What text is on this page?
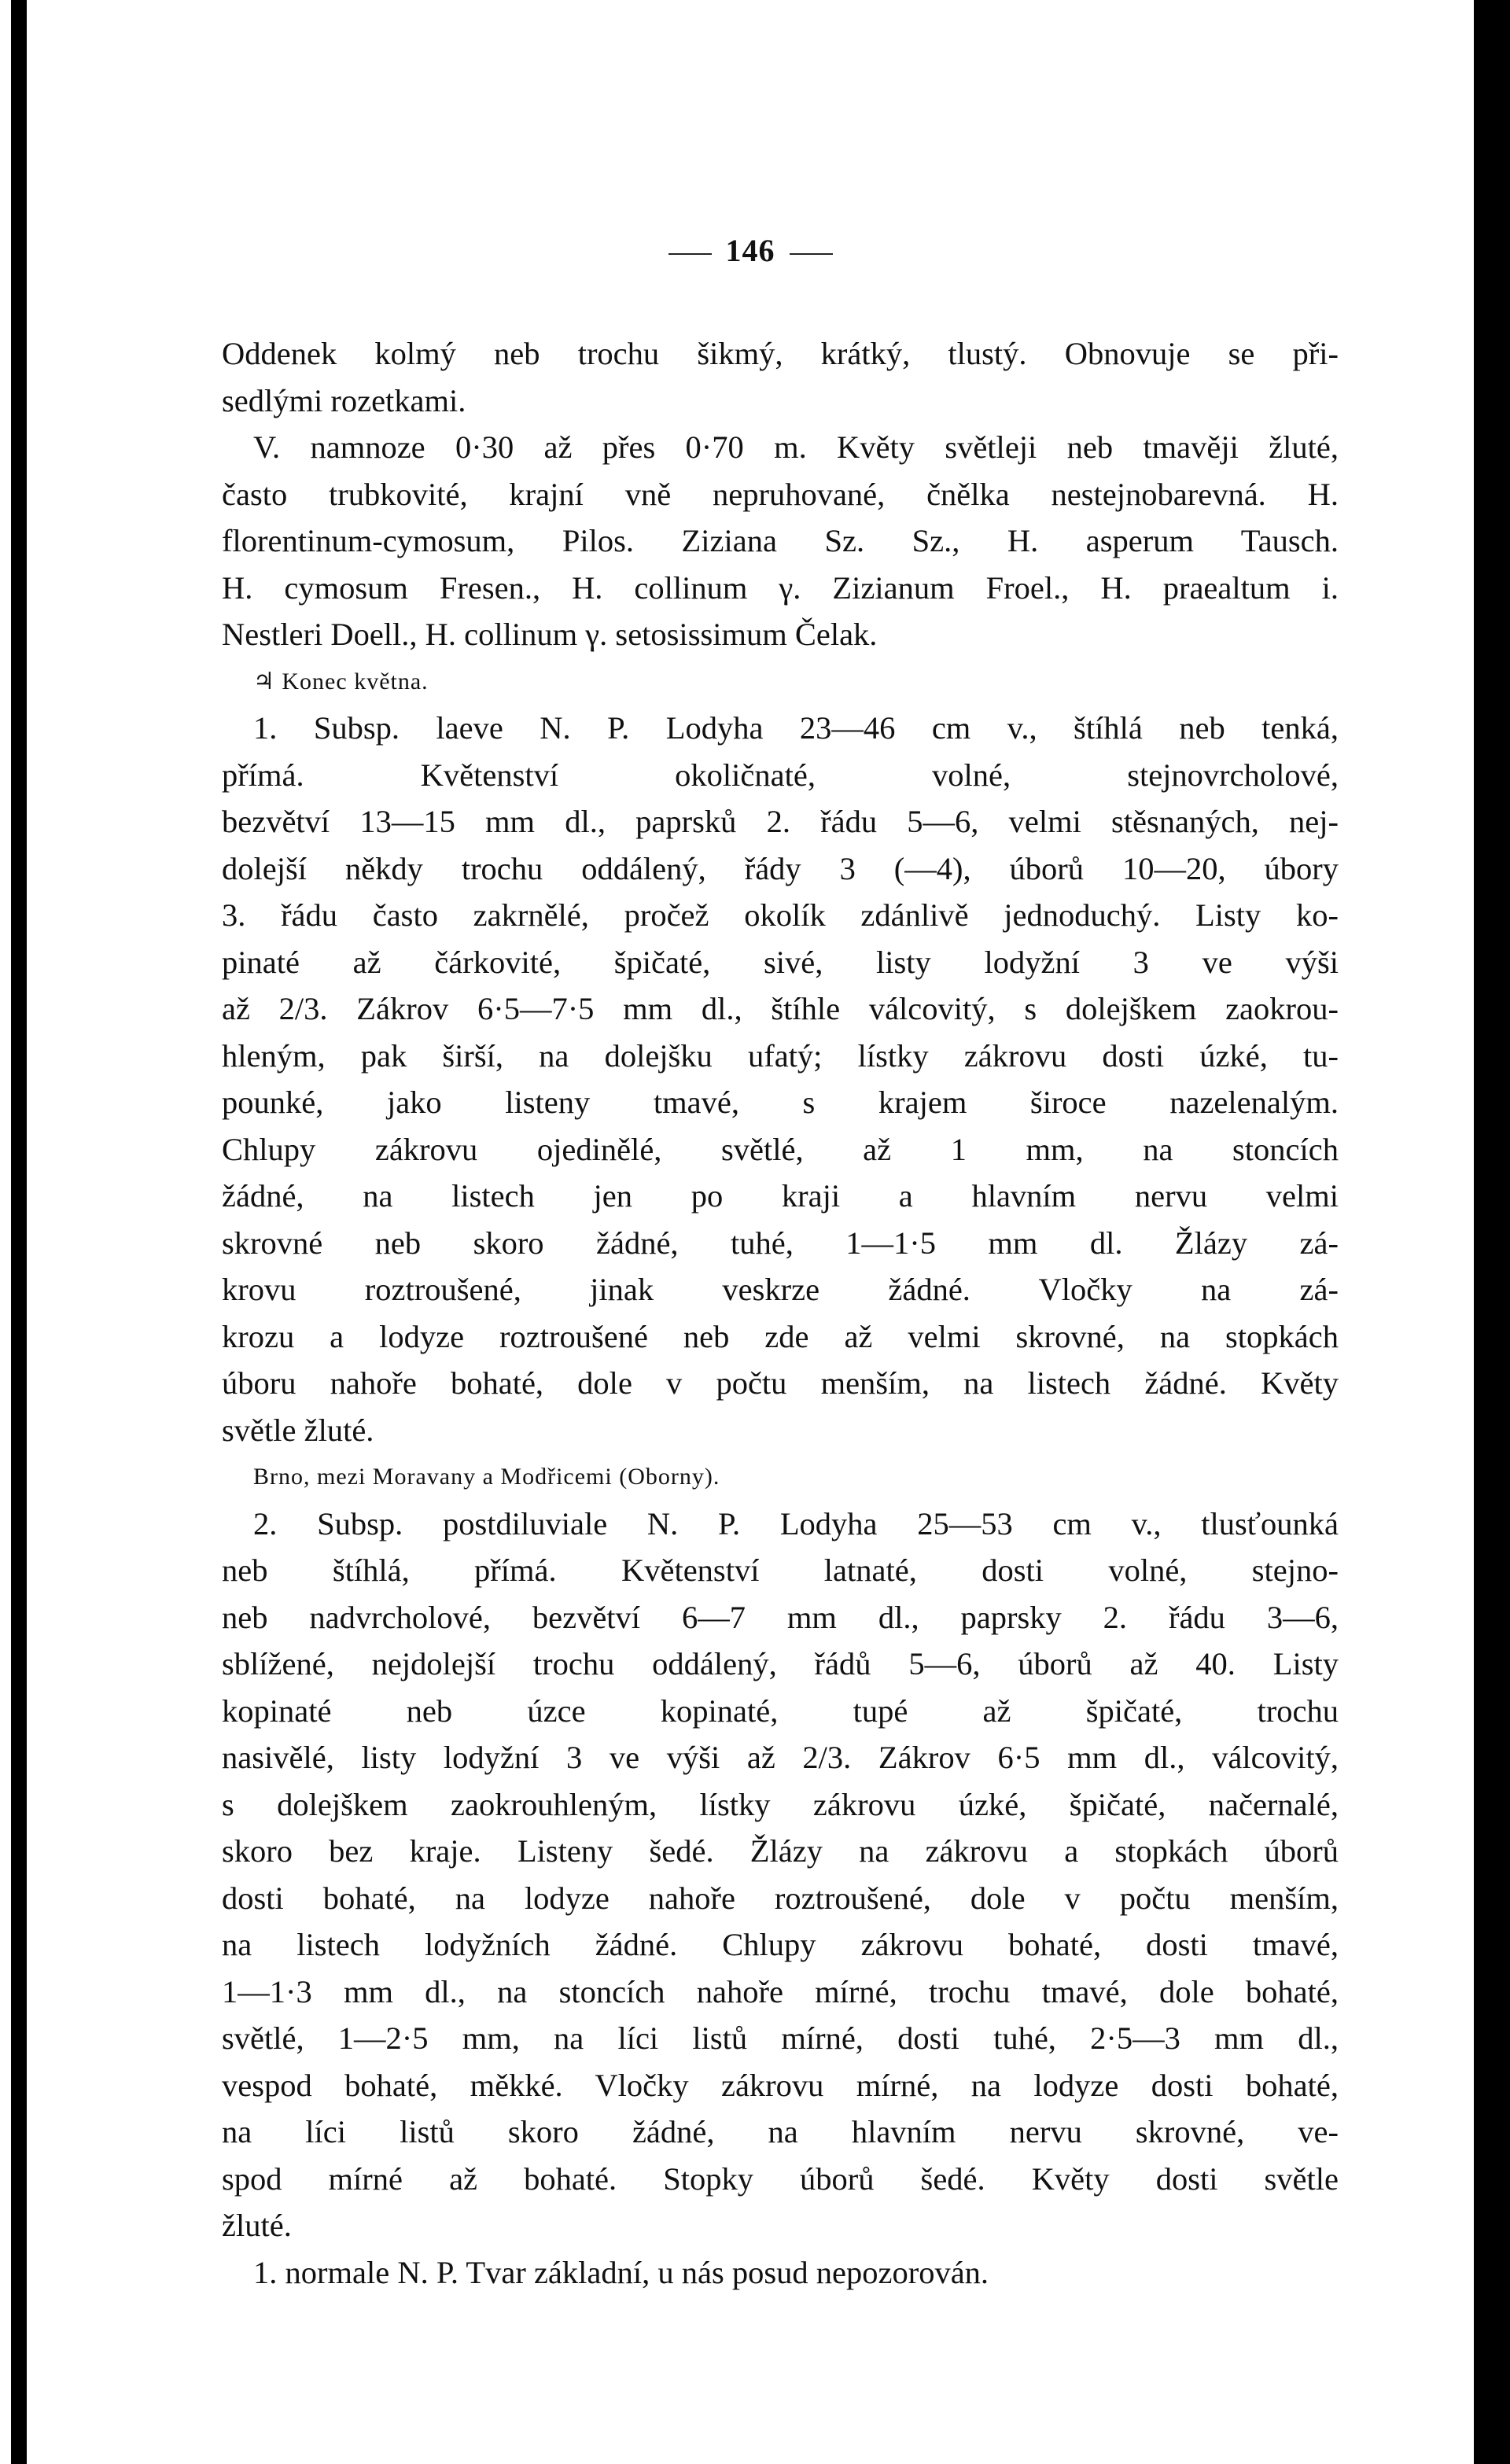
146
Oddenek kolmý neb trochu šikmý, krátký, tlustý. Obnovuje se při-
sedlými rozetkami.
V. namnoze 0·30 až přes 0·70 m. Květy světleji neb tmavěji žluté,
často trubkovité, krajní vně nepruhované, čnělka nestejnobarevná. H.
florentinum-cymosum, Pilos. Ziziana Sz. Sz., H. asperum Tausch.
H. cymosum Fresen., H. collinum γ. Zizianum Froel., H. praealtum i.
Nestleri Doell., H. collinum γ. setosissimum Čelak.
♃ Konec května.
1. Subsp. laeve N. P. Lodyha 23—46 cm v., štíhlá neb tenká,
přímá. Květenství okoličnaté, volné, stejnovrcholové,
bezvětví 13—15 mm dl., paprsků 2. řádu 5—6, velmi stěsnaných, nej-
dolejší někdy trochu oddálený, řády 3 (—4), úborů 10—20, úbory
3. řádu často zakrnělé, pročež okolík zdánlivě jednoduchý. Listy ko-
pinaté až čárkovité, špičaté, sivé, listy lodyžní 3 ve výši
až 2/3. Zákrov 6·5—7·5 mm dl., štíhle válcovitý, s dolejškem zaokrou-
hleným, pak širší, na dolejšku ufatý; lístky zákrovu dosti úzké, tu-
pounké, jako listeny tmavé, s krajem široce nazelenalým.
Chlupy zákrovu ojedinělé, světlé, až 1 mm, na stoncích
žádné, na listech jen po kraji a hlavním nervu velmi
skrovné neb skoro žádné, tuhé, 1—1·5 mm dl. Žlázy zá-
krovu roztroušené, jinak veskrze žádné. Vločky na zá-
krozu a lodyze roztroušené neb zde až velmi skrovné, na stopkách
úboru nahoře bohaté, dole v počtu menším, na listech žádné. Květy
světle žluté.
Brno, mezi Moravany a Modřicemi (Oborny).
2. Subsp. postdiluviale N. P. Lodyha 25—53 cm v., tlusťounká
neb štíhlá, přímá. Květenství latnaté, dosti volné, stejno-
neb nadvrcholové, bezvětví 6—7 mm dl., paprsky 2. řádu 3—6,
sblížené, nejdolejší trochu oddálený, řádů 5—6, úborů až 40. Listy
kopinaté neb úzce kopinaté, tupé až špičaté, trochu
nasivělé, listy lodyžní 3 ve výši až 2/3. Zákrov 6·5 mm dl., válcovitý,
s dolejškem zaokrouhleným, lístky zákrovu úzké, špičaté, načernalé,
skoro bez kraje. Listeny šedé. Žlázy na zákrovu a stopkách úborů
dosti bohaté, na lodyze nahoře roztroušené, dole v počtu menším,
na listech lodyžních žádné. Chlupy zákrovu bohaté, dosti tmavé,
1—1·3 mm dl., na stoncích nahoře mírné, trochu tmavé, dole bohaté,
světlé, 1—2·5 mm, na líci listů mírné, dosti tuhé, 2·5—3 mm dl.,
vespod bohaté, měkké. Vločky zákrovu mírné, na lodyze dosti bohaté,
na líci listů skoro žádné, na hlavním nervu skrovné, ve-
spod mírné až bohaté. Stopky úborů šedé. Květy dosti světle
žluté.
1. normale N. P. Tvar základní, u nás posud nepozorován.
